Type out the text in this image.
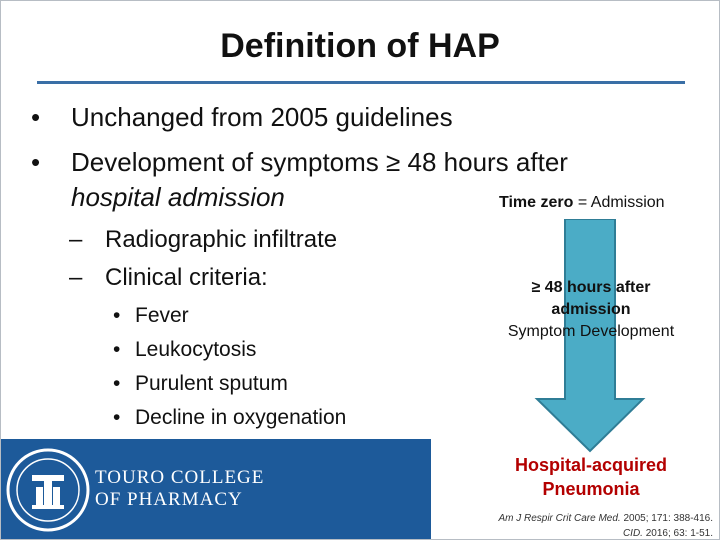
Definition of HAP
• Unchanged from 2005 guidelines
• Development of symptoms ≥ 48 hours after
hospital admission
– Radiographic infiltrate
– Clinical criteria:
• Fever
• Leukocytosis
• Purulent sputum
• Decline in oxygenation
TOURO COLLEGE
OF PHARMACY
Time zero = Admission
≥ 48 hours after
admission
Symptom Development
Hospital-acquired
Pneumonia
Am J Respir Crit Care Med. 2005; 171: 388-416.
CID. 2016; 63: 1-51.
